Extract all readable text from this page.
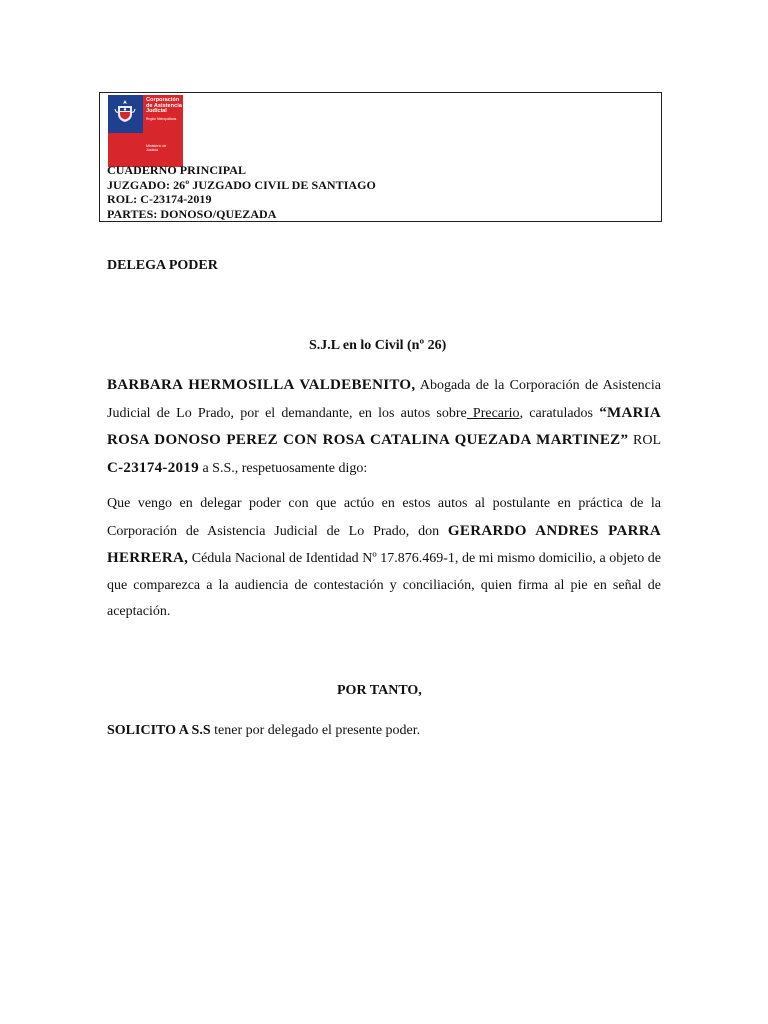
Corporación
de Asistencia
Judicial
Región Metropolitana
Ministerio de
Justicia
CUADERNO PRINCIPAL
JUZGADO: 26º JUZGADO CIVIL DE SANTIAGO
ROL: C-23174-2019
PARTES: DONOSO/QUEZADA
DELEGA PODER
S.J.L en lo Civil (nº 26)
BARBARA HERMOSILLA VALDEBENITO, Abogada de la Corporación de Asistencia Judicial de Lo Prado, por el demandante, en los autos sobre Precario, caratulados “MARIA ROSA DONOSO PEREZ CON ROSA CATALINA QUEZADA MARTINEZ” ROL C-23174-2019 a S.S., respetuosamente digo:
Que vengo en delegar poder con que actúo en estos autos al postulante en práctica de la Corporación de Asistencia Judicial de Lo Prado, don GERARDO ANDRES PARRA HERRERA, Cédula Nacional de Identidad Nº 17.876.469-1, de mi mismo domicilio, a objeto de que comparezca a la audiencia de contestación y conciliación, quien firma al pie en señal de aceptación.
POR TANTO,
SOLICITO A S.S tener por delegado el presente poder.
